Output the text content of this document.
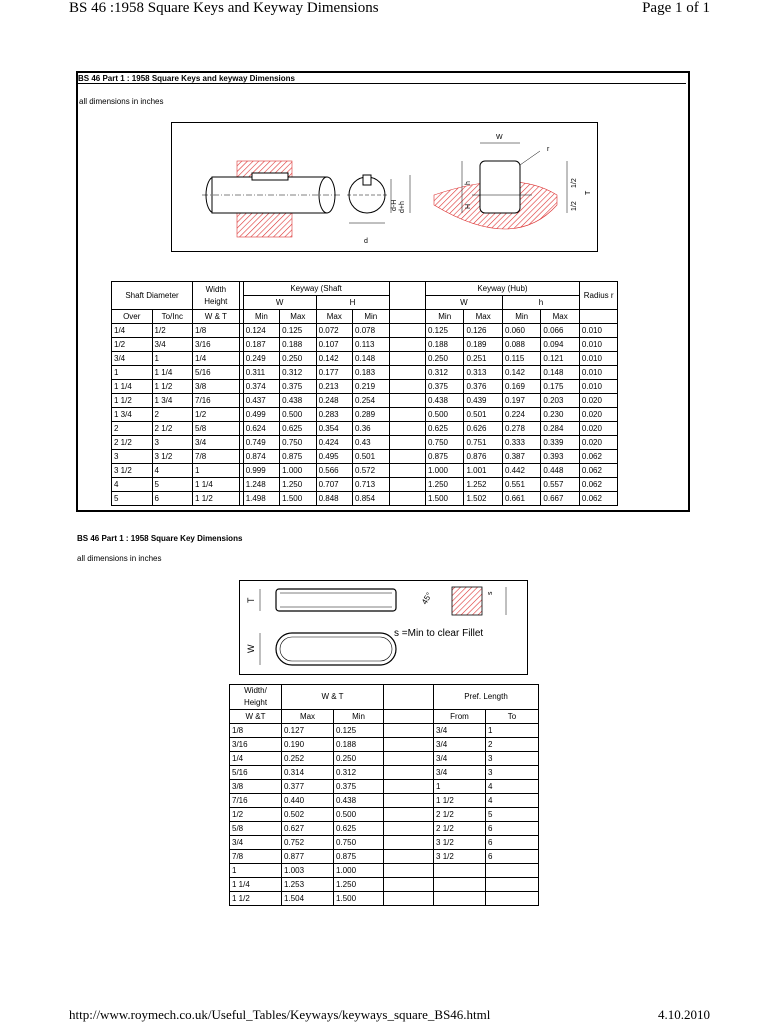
BS 46 :1958 Square Keys and Keyway Dimensions	Page 1 of 1
BS 46 Part 1 : 1958 Square Keys and keyway Dimensions
all dimensions in inches
d
d-H d+h
W
r
h
H
1/2
1/2
T
Shaft Diameter		Width Height		Keyway (Shaft					Keyway (Hub)				Radius r
				W		H			W		h		
Over	To/Inc	W & T		Min	Max	Max	Min		Min	Max	Min	Max	
1/4	1/2	1/8		0.124	0.125	0.072	0.078		0.125	0.126	0.060	0.066	0.010
1/2	3/4	3/16		0.187	0.188	0.107	0.113		0.188	0.189	0.088	0.094	0.010
3/4	1	1/4		0.249	0.250	0.142	0.148		0.250	0.251	0.115	0.121	0.010
1	1 1/4	5/16		0.311	0.312	0.177	0.183		0.312	0.313	0.142	0.148	0.010
1 1/4	1 1/2	3/8		0.374	0.375	0.213	0.219		0.375	0.376	0.169	0.175	0.010
1 1/2	1 3/4	7/16		0.437	0.438	0.248	0.254		0.438	0.439	0.197	0.203	0.020
1 3/4	2	1/2		0.499	0.500	0.283	0.289		0.500	0.501	0.224	0.230	0.020
2	2 1/2	5/8		0.624	0.625	0.354	0.36		0.625	0.626	0.278	0.284	0.020
2 1/2	3	3/4		0.749	0.750	0.424	0.43		0.750	0.751	0.333	0.339	0.020
3	3 1/2	7/8		0.874	0.875	0.495	0.501		0.875	0.876	0.387	0.393	0.062
3 1/2	4	1		0.999	1.000	0.566	0.572		1.000	1.001	0.442	0.448	0.062
4	5	1 1/4		1.248	1.250	0.707	0.713		1.250	1.252	0.551	0.557	0.062
5	6	1 1/2		1.498	1.500	0.848	0.854		1.500	1.502	0.661	0.667	0.062
BS 46 Part 1 : 1958 Square Key Dimensions
all dimensions in inches
T
W
45°	s
s =Min to clear Fillet
Width/ Height	W & T			Pref. Length	
W &T	Max	Min		From	To
1/8	0.127	0.125		3/4	1
3/16	0.190	0.188		3/4	2
1/4	0.252	0.250		3/4	3
5/16	0.314	0.312		3/4	3
3/8	0.377	0.375		1	4
7/16	0.440	0.438		1 1/2	4
1/2	0.502	0.500		2 1/2	5
5/8	0.627	0.625		2 1/2	6
3/4	0.752	0.750		3 1/2	6
7/8	0.877	0.875		3 1/2	6
1	1.003	1.000			
1 1/4	1.253	1.250			
1 1/2	1.504	1.500			
http://www.roymech.co.uk/Useful_Tables/Keyways/keyways_square_BS46.html	4.10.2010
